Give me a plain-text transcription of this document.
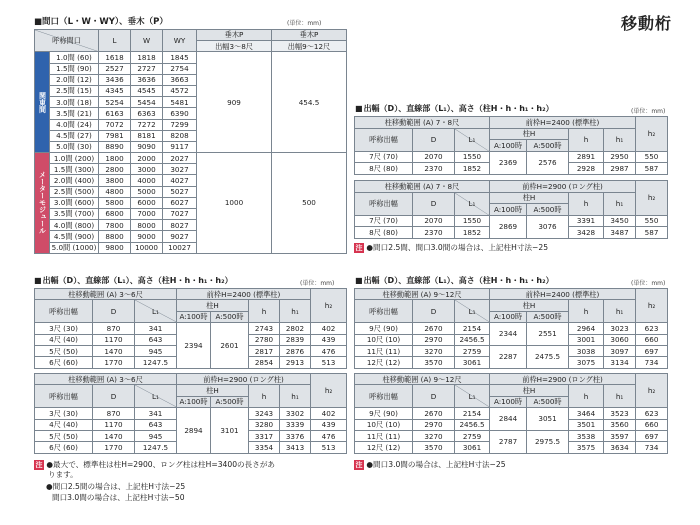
移動桁
■ ■間口（L・W・WY）、垂木（P）	(単位：mm)
呼称間口		L	W	WY	垂木P	垂木P
					出幅3～8尺	出幅9～12尺
関東間	1.0間 (60)	1618	1818	1845	909	454.5
	1.5間 (90)	2527	2727	2754		
	2.0間 (12)	3436	3636	3663		
	2.5間 (15)	4345	4545	4572		
	3.0間 (18)	5254	5454	5481		
	3.5間 (21)	6163	6363	6390		
	4.0間 (24)	7072	7272	7299		
	4.5間 (27)	7981	8181	8208		
	5.0間 (30)	8890	9090	9117		
メーターモジュール	1.0間 (200)	1800	2000	2027	1000	500
	1.5間 (300)	2800	3000	3027		
	2.0間 (400)	3800	4000	4027		
	2.5間 (500)	4800	5000	5027		
	3.0間 (600)	5800	6000	6027		
	3.5間 (700)	6800	7000	7027		
	4.0間 (800)	7800	8000	8027		
	4.5間 (900)	8800	9000	9027		
	5.0間 (1000)	9800	10000	10027		
■ 出幅（D）、直線部（L₁）、高さ（柱H・h・h₁・h₂）	(単位：mm)
柱移動範囲 (A) 3～6尺			前枠H=2400 (標準柱)				h₂
呼称出幅	D	L₁	柱H		h	h₁	
			A:100時	A:500時			
3尺 (30)	870	341	2394	2601	2743	2802	402
4尺 (40)	1170	643			2780	2839	439
5尺 (50)	1470	945			2817	2876	476
6尺 (60)	1770	1247.5			2854	2913	513
柱移動範囲 (A) 3～6尺			前枠H=2900 (ロング柱)				h₂
呼称出幅	D	L₁	柱H		h	h₁	
			A:100時	A:500時			
3尺 (30)	870	341	2894	3101	3243	3302	402
4尺 (40)	1170	643			3280	3339	439
5尺 (50)	1470	945			3317	3376	476
6尺 (60)	1770	1247.5			3354	3413	513
■ 出幅（D）、直線部（L₁）、高さ（柱H・h・h₁・h₂）	(単位：mm)
柱移動範囲 (A) 7・8尺			前枠H=2400 (標準柱)				h₂
呼称出幅	D	L₁	柱H		h	h₁	
			A:100時	A:500時			
7尺 (70)	2070	1550	2369	2576	2891	2950	550
8尺 (80)	2370	1852			2928	2987	587
柱移動範囲 (A) 7・8尺			前枠H=2900 (ロング柱)				h₂
呼称出幅	D	L₁	柱H		h	h₁	
			A:100時	A:500時			
7尺 (70)	2070	1550	2869	3076	3391	3450	550
8尺 (80)	2370	1852			3428	3487	587
注 ●間口2.5間、間口3.0間の場合は、上記柱H寸法−25
■ 出幅（D）、直線部（L₁）、高さ（柱H・h・h₁・h₂）	(単位：mm)
柱移動範囲 (A) 9～12尺			前枠H=2400 (標準柱)				h₂
呼称出幅	D	L₁	柱H		h	h₁	
			A:100時	A:500時			
9尺 (90)	2670	2154	2344	2551	2964	3023	623
10尺 (10)	2970	2456.5			3001	3060	660
11尺 (11)	3270	2759	2287	2475.5	3038	3097	697
12尺 (12)	3570	3061			3075	3134	734
柱移動範囲 (A) 9～12尺			前枠H=2900 (ロング柱)				h₂
呼称出幅	D	L₁	柱H		h	h₁	
			A:100時	A:500時			
9尺 (90)	2670	2154	2844	3051	3464	3523	623
10尺 (10)	2970	2456.5			3501	3560	660
11尺 (11)	3270	2759	2787	2975.5	3538	3597	697
12尺 (12)	3570	3061			3575	3634	734
注 ●間口3.0間の場合は、上記柱H寸法−25
注 ●最大で、標準柱は柱H=2900、ロング柱は柱H=3400の長さがあ
ります。
●間口2.5間の場合は、上記柱H寸法−25
間口3.0間の場合は、上記柱H寸法−50
